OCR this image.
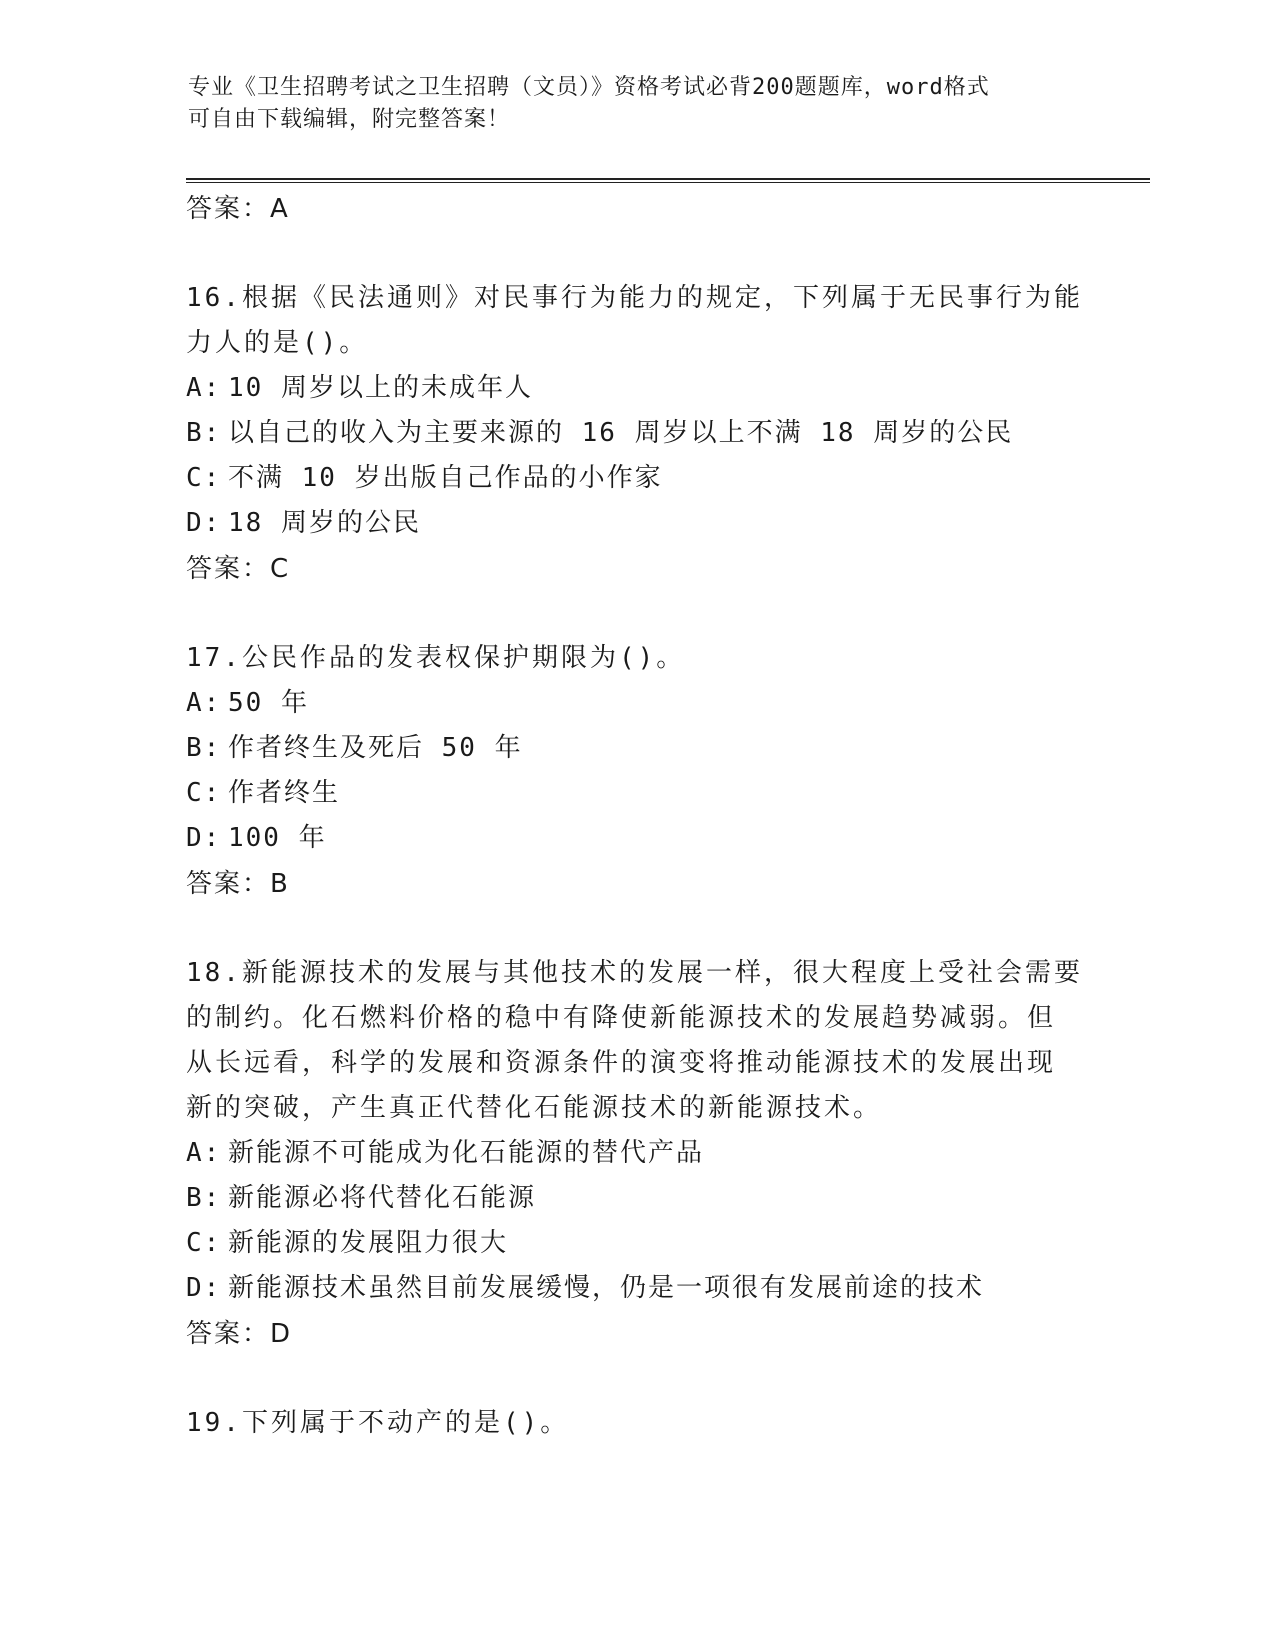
专业《卫生招聘考试之卫生招聘（文员）》资格考试必背200题题库，word格式
可自由下载编辑，附完整答案！
答案：A
16.根据《民法通则》对民事行为能力的规定，下列属于无民事行为能
力人的是()。
A: 10 周岁以上的未成年人
B: 以自己的收入为主要来源的 16 周岁以上不满 18 周岁的公民
C: 不满 10 岁出版自己作品的小作家
D: 18 周岁的公民
答案：C
17.公民作品的发表权保护期限为()。
A: 50 年
B: 作者终生及死后 50 年
C: 作者终生
D: 100 年
答案：B
18.新能源技术的发展与其他技术的发展一样，很大程度上受社会需要
的制约。化石燃料价格的稳中有降使新能源技术的发展趋势减弱。但
从长远看，科学的发展和资源条件的演变将推动能源技术的发展出现
新的突破，产生真正代替化石能源技术的新能源技术。
A: 新能源不可能成为化石能源的替代产品
B: 新能源必将代替化石能源
C: 新能源的发展阻力很大
D: 新能源技术虽然目前发展缓慢，仍是一项很有发展前途的技术
答案：D
19.下列属于不动产的是()。
